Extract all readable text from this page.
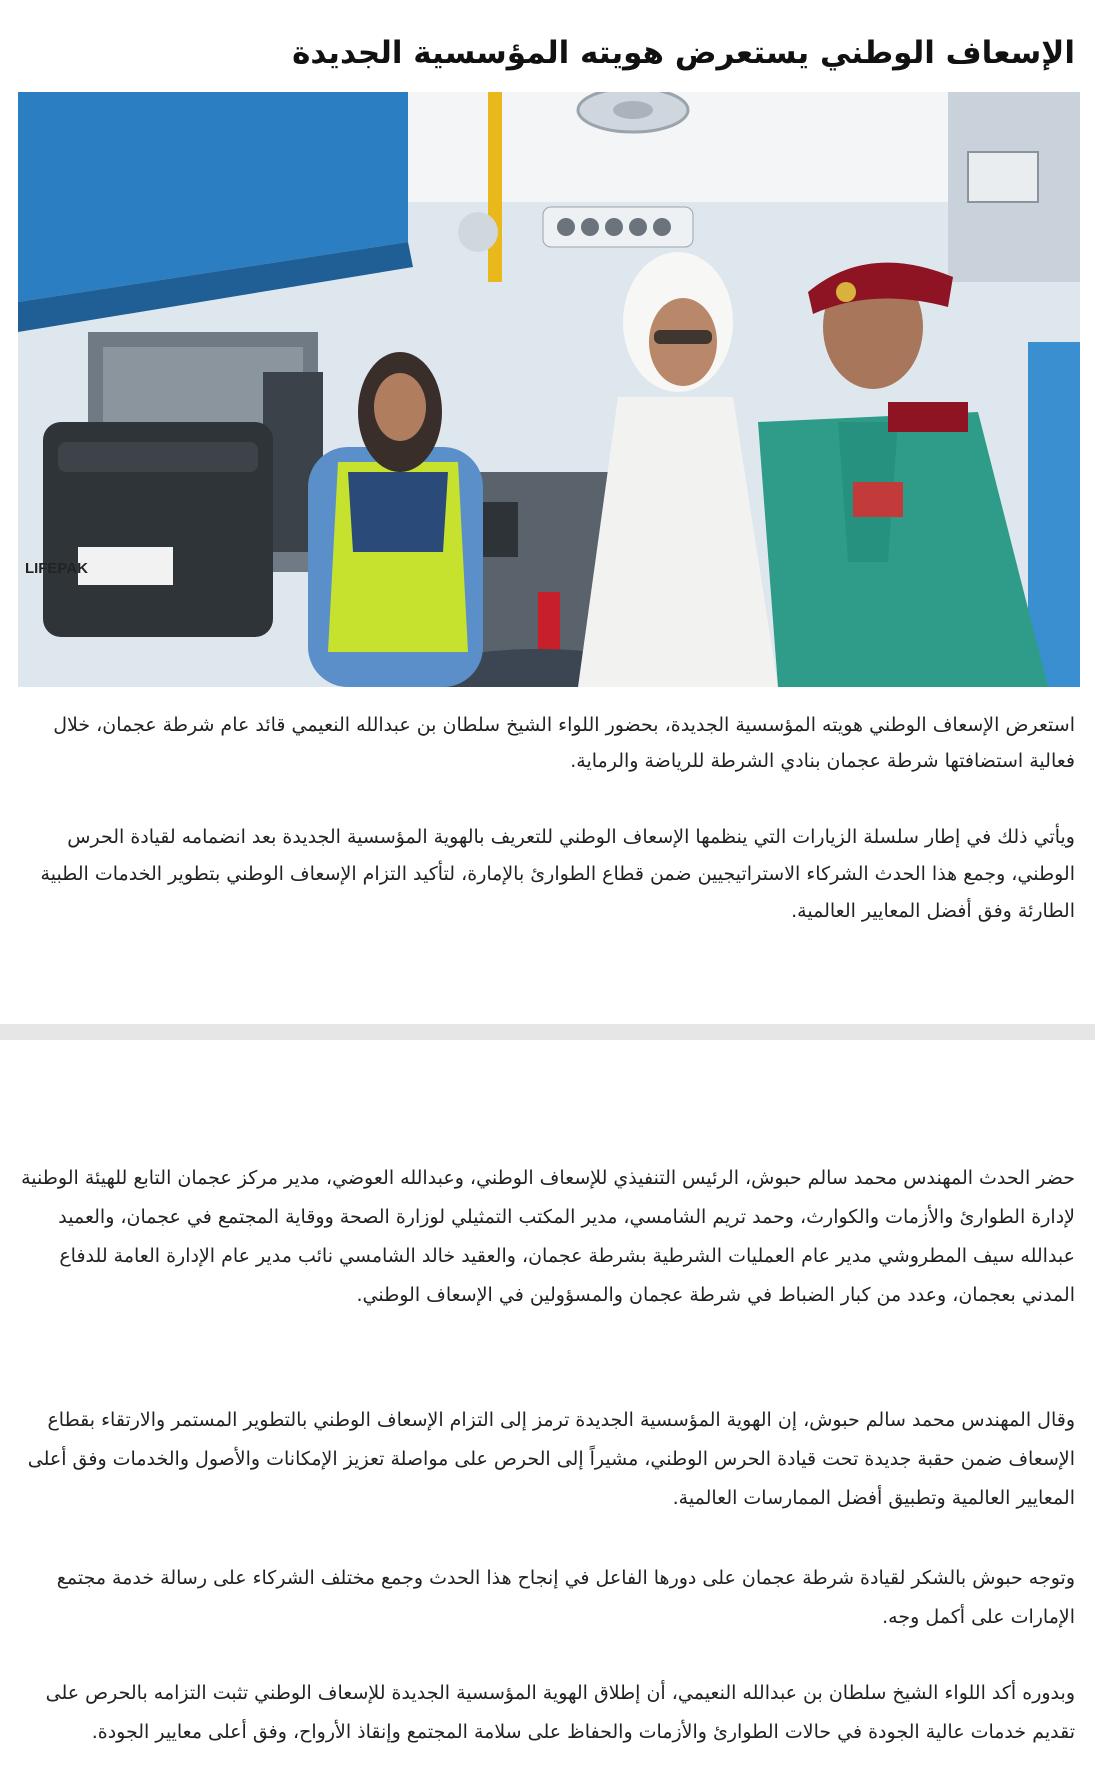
الإسعاف الوطني يستعرض هويته المؤسسية الجديدة
LIFEPAK

استعرض الإسعاف الوطني هويته المؤسسية الجديدة، بحضور اللواء الشيخ سلطان بن عبدالله النعيمي قائد عام شرطة عجمان، خلال فعالية استضافتها شرطة عجمان بنادي الشرطة للرياضة والرماية.

ويأتي ذلك في إطار سلسلة الزيارات التي ينظمها الإسعاف الوطني للتعريف بالهوية المؤسسية الجديدة بعد انضمامه لقيادة الحرس الوطني، وجمع هذا الحدث الشركاء الاستراتيجيين ضمن قطاع الطوارئ بالإمارة، لتأكيد التزام الإسعاف الوطني بتطوير الخدمات الطبية الطارئة وفق أفضل المعايير العالمية.

حضر الحدث المهندس محمد سالم حبوش، الرئيس التنفيذي للإسعاف الوطني، وعبدالله العوضي، مدير مركز عجمان التابع للهيئة الوطنية لإدارة الطوارئ والأزمات والكوارث، وحمد تريم الشامسي، مدير المكتب التمثيلي لوزارة الصحة ووقاية المجتمع في عجمان، والعميد عبدالله سيف المطروشي مدير عام العمليات الشرطية بشرطة عجمان، والعقيد خالد الشامسي نائب مدير عام الإدارة العامة للدفاع المدني بعجمان، وعدد من كبار الضباط في شرطة عجمان والمسؤولين في الإسعاف الوطني.

وقال المهندس محمد سالم حبوش، إن الهوية المؤسسية الجديدة ترمز إلى التزام الإسعاف الوطني بالتطوير المستمر والارتقاء بقطاع الإسعاف ضمن حقبة جديدة تحت قيادة الحرس الوطني، مشيراً إلى الحرص على مواصلة تعزيز الإمكانات والأصول والخدمات وفق أعلى المعايير العالمية وتطبيق أفضل الممارسات العالمية.

وتوجه حبوش بالشكر لقيادة شرطة عجمان على دورها الفاعل في إنجاح هذا الحدث وجمع مختلف الشركاء على رسالة خدمة مجتمع الإمارات على أكمل وجه.

وبدوره أكد اللواء الشيخ سلطان بن عبدالله النعيمي، أن إطلاق الهوية المؤسسية الجديدة للإسعاف الوطني تثبت التزامه بالحرص على تقديم خدمات عالية الجودة في حالات الطوارئ والأزمات والحفاظ على سلامة المجتمع وإنقاذ الأرواح، وفق أعلى معايير الجودة.
